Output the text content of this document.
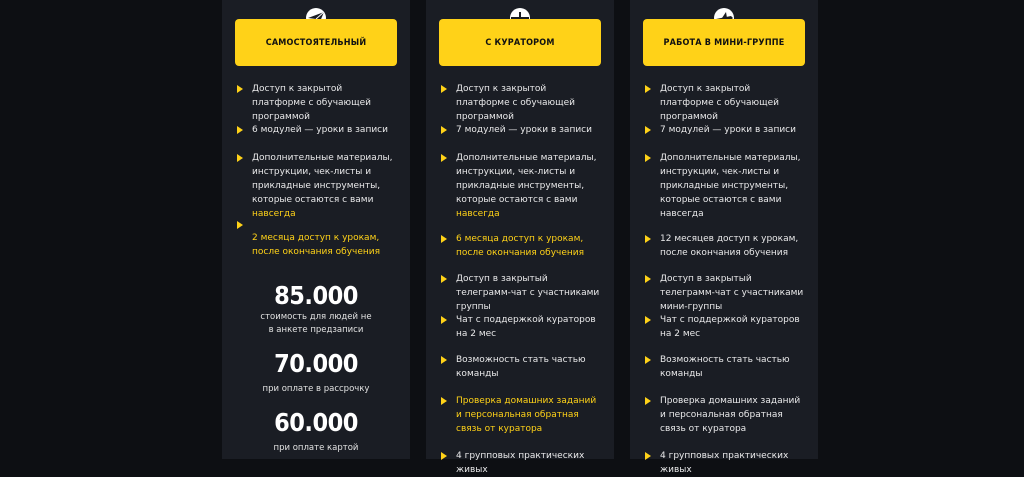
САМОСТОЯТЕЛЬНЫЙ
Доступ к закрытой платформе с обучающей программой
6 модулей — уроки в записи
Дополнительные материалы, инструкции, чек-листы и прикладные инструменты, которые остаются с вами навсегда
2 месяца доступ к урокам, после окончания обучения
85.000
стоимость для людей не в анкете предзаписи
70.000
при оплате в рассрочку
60.000
при оплате картой
С КУРАТОРОМ
Доступ к закрытой платформе с обучающей программой
7 модулей — уроки в записи
Дополнительные материалы, инструкции, чек-листы и прикладные инструменты, которые остаются с вами навсегда
6 месяца доступ к урокам, после окончания обучения
Доступ в закрытый телеграмм-чат с участниками группы
Чат с поддержкой кураторов на 2 мес
Возможность стать частью команды
Проверка домашних заданий и персональная обратная связь от куратора
4 групповых практических живых
РАБОТА В МИНИ-ГРУППЕ
Доступ к закрытой платформе с обучающей программой
7 модулей — уроки в записи
Дополнительные материалы, инструкции, чек-листы и прикладные инструменты, которые остаются с вами навсегда
12 месяцев доступ к урокам, после окончания обучения
Доступ в закрытый телеграмм-чат с участниками мини-группы
Чат с поддержкой кураторов на 2 мес
Возможность стать частью команды
Проверка домашних заданий и персональная обратная связь от куратора
4 групповых практических живых
